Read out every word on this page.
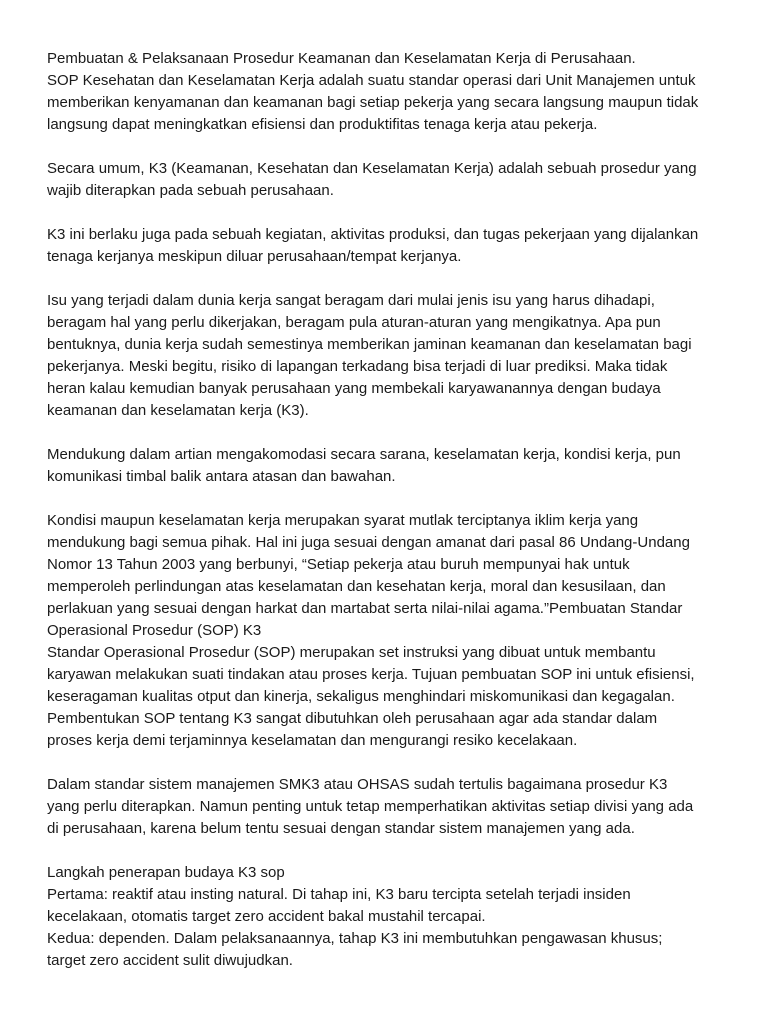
Pembuatan & Pelaksanaan Prosedur Keamanan dan Keselamatan Kerja di Perusahaan.
SOP Kesehatan dan Keselamatan Kerja adalah suatu standar operasi dari Unit Manajemen untuk
memberikan kenyamanan dan keamanan bagi setiap pekerja yang secara langsung maupun tidak
langsung dapat meningkatkan efisiensi dan produktifitas tenaga kerja atau pekerja.
Secara umum, K3 (Keamanan, Kesehatan dan Keselamatan Kerja) adalah sebuah prosedur yang
wajib diterapkan pada sebuah perusahaan.
K3 ini berlaku juga pada sebuah kegiatan, aktivitas produksi, dan tugas pekerjaan yang dijalankan
tenaga kerjanya meskipun diluar perusahaan/tempat kerjanya.
Isu yang terjadi dalam dunia kerja sangat beragam dari mulai jenis isu yang harus dihadapi,
beragam hal yang perlu dikerjakan, beragam pula aturan-aturan yang mengikatnya. Apa pun
bentuknya, dunia kerja sudah semestinya memberikan jaminan keamanan dan keselamatan bagi
pekerjanya. Meski begitu, risiko di lapangan terkadang bisa terjadi di luar prediksi. Maka tidak
heran kalau kemudian banyak perusahaan yang membekali karyawanannya dengan budaya
keamanan dan keselamatan kerja (K3).
Mendukung dalam artian mengakomodasi secara sarana, keselamatan kerja, kondisi kerja, pun
komunikasi timbal balik antara atasan dan bawahan.
Kondisi maupun keselamatan kerja merupakan syarat mutlak terciptanya iklim kerja yang
mendukung bagi semua pihak. Hal ini juga sesuai dengan amanat dari pasal 86 Undang-Undang
Nomor 13 Tahun 2003 yang berbunyi, “Setiap pekerja atau buruh mempunyai hak untuk
memperoleh perlindungan atas keselamatan dan kesehatan kerja, moral dan kesusilaan, dan
perlakuan yang sesuai dengan harkat dan martabat serta nilai-nilai agama.”Pembuatan Standar
Operasional Prosedur (SOP) K3
Standar Operasional Prosedur (SOP) merupakan set instruksi yang dibuat untuk membantu
karyawan melakukan suati tindakan atau proses kerja. Tujuan pembuatan SOP ini untuk efisiensi,
keseragaman kualitas otput dan kinerja, sekaligus menghindari miskomunikasi dan kegagalan.
Pembentukan SOP tentang K3 sangat dibutuhkan oleh perusahaan agar ada standar dalam
proses kerja demi terjaminnya keselamatan dan mengurangi resiko kecelakaan.
Dalam standar sistem manajemen SMK3 atau OHSAS sudah tertulis bagaimana prosedur K3
yang perlu diterapkan. Namun penting untuk tetap memperhatikan aktivitas setiap divisi yang ada
di perusahaan, karena belum tentu sesuai dengan standar sistem manajemen yang ada.
Langkah penerapan budaya K3 sop
Pertama: reaktif atau insting natural. Di tahap ini, K3 baru tercipta setelah terjadi insiden
kecelakaan, otomatis target zero accident bakal mustahil tercapai.
Kedua: dependen. Dalam pelaksanaannya, tahap K3 ini membutuhkan pengawasan khusus;
target zero accident sulit diwujudkan.
